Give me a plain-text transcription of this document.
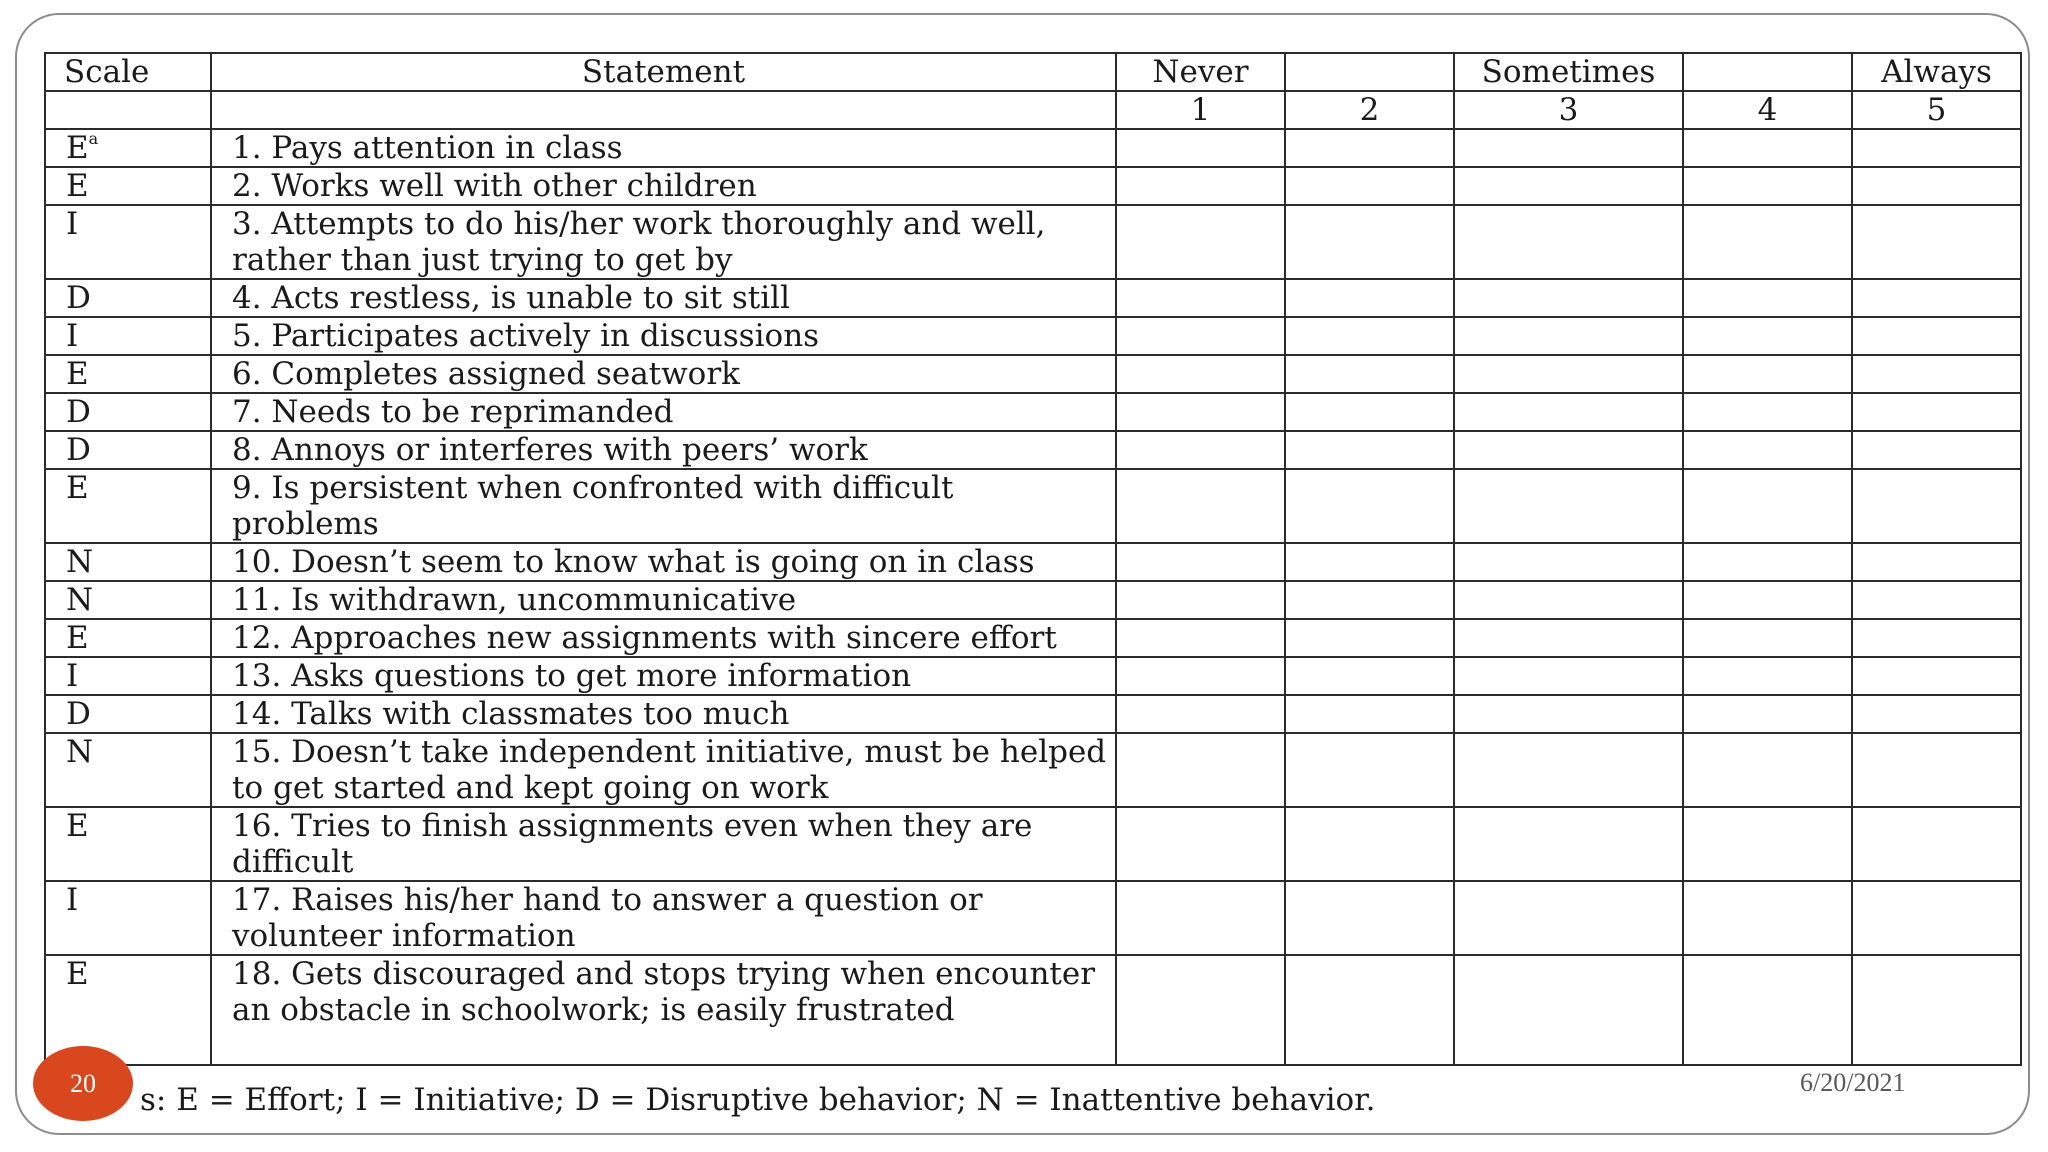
Scale	Statement	Never		Sometimes		Always
		1	2	3	4	5
$E^a$	1. Pays attention in class					
E	2. Works well with other children					
I	3. Attempts to do his/her work thoroughly and well, rather than just trying to get by					
D	4. Acts restless, is unable to sit still					
I	5. Participates actively in discussions					
E	6. Completes assigned seatwork					
D	7. Needs to be reprimanded					
D	8. Annoys or interferes with peers’ work					
E	9. Is persistent when confronted with difficult problems					
N	10. Doesn’t seem to know what is going on in class					
N	11. Is withdrawn, uncommunicative					
E	12. Approaches new assignments with sincere effort					
I	13. Asks questions to get more information					
D	14. Talks with classmates too much					
N	15. Doesn’t take independent initiative, must be helped to get started and kept going on work					
E	16. Tries to finish assignments even when they are difficult					
I	17. Raises his/her hand to answer a question or volunteer information					
E	18. Gets discouraged and stops trying when encounter an obstacle in schoolwork; is easily frustrated					
s: E = Effort; I = Initiative; D = Disruptive behavior; N = Inattentive behavior.
20	6/20/2021
